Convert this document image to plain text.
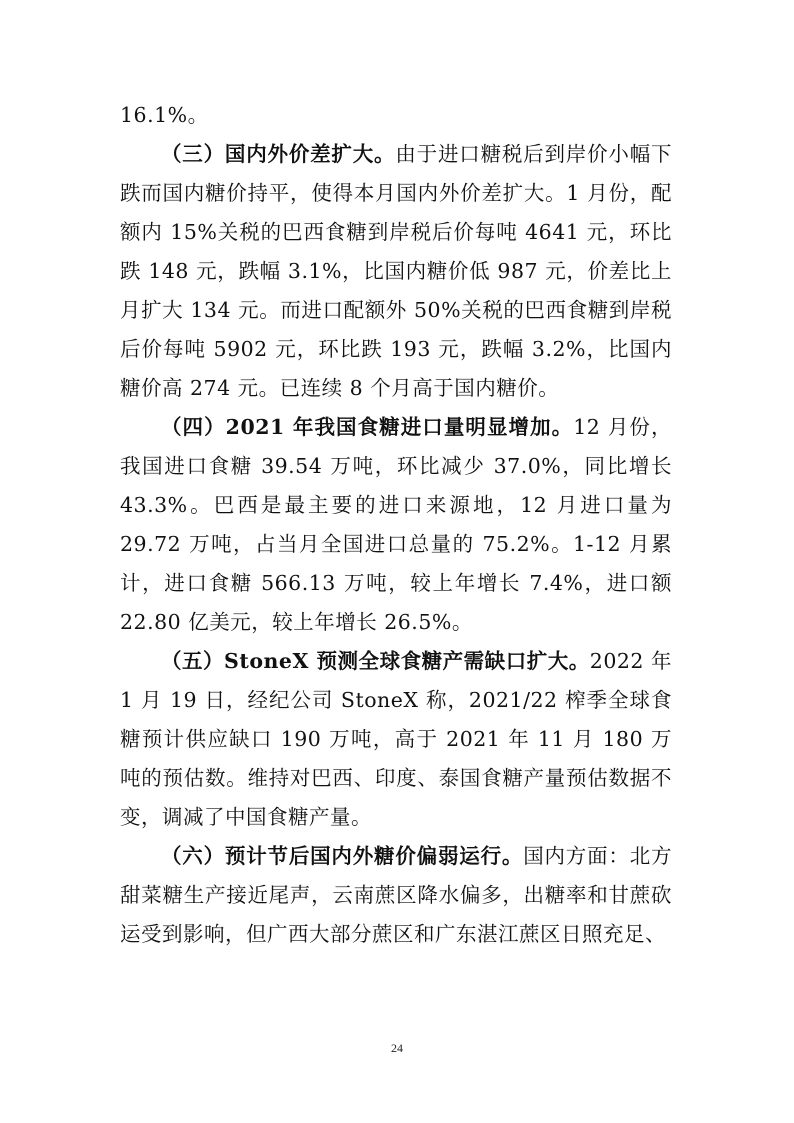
16.1%。

（三）国内外价差扩大。由于进口糖税后到岸价小幅下跌而国内糖价持平，使得本月国内外价差扩大。1 月份，配额内 15%关税的巴西食糖到岸税后价每吨 4641 元，环比跌 148 元，跌幅 3.1%，比国内糖价低 987 元，价差比上月扩大 134 元。而进口配额外 50%关税的巴西食糖到岸税后价每吨 5902 元，环比跌 193 元，跌幅 3.2%，比国内糖价高 274 元。已连续 8 个月高于国内糖价。

（四）2021 年我国食糖进口量明显增加。12 月份，我国进口食糖 39.54 万吨，环比减少 37.0%，同比增长 43.3%。巴西是最主要的进口来源地，12 月进口量为 29.72 万吨，占当月全国进口总量的 75.2%。1-12 月累计，进口食糖 566.13 万吨，较上年增长 7.4%，进口额 22.80 亿美元，较上年增长 26.5%。

（五）StoneX 预测全球食糖产需缺口扩大。2022 年 1 月 19 日，经纪公司 StoneX 称，2021/22 榨季全球食糖预计供应缺口 190 万吨，高于 2021 年 11 月 180 万吨的预估数。维持对巴西、印度、泰国食糖产量预估数据不变，调减了中国食糖产量。

（六）预计节后国内外糖价偏弱运行。国内方面：北方甜菜糖生产接近尾声，云南蔗区降水偏多，出糖率和甘蔗砍运受到影响，但广西大部分蔗区和广东湛江蔗区日照充足、

24
